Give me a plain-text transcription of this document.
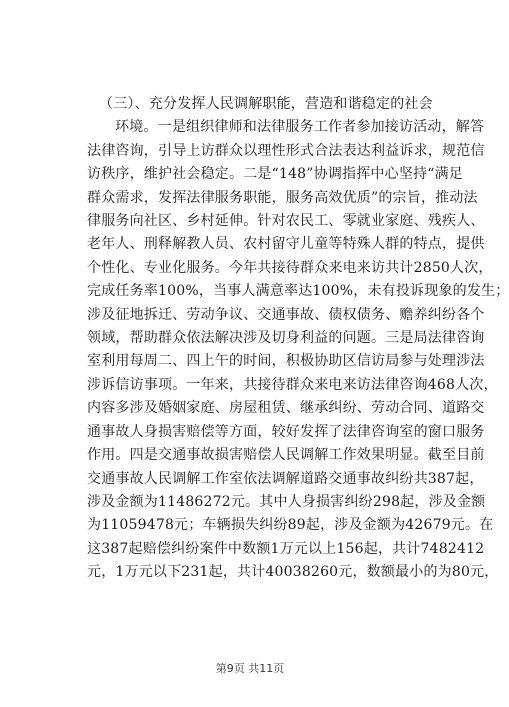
（三）、充分发挥人民调解职能，营造和谐稳定的社会
环境。一是组织律师和法律服务工作者参加接访活动，解答
法律咨询，引导上访群众以理性形式合法表达利益诉求，规范信
访秩序，维护社会稳定。二是“148”协调指挥中心坚持“满足
群众需求，发挥法律服务职能，服务高效优质”的宗旨，推动法
律服务向社区、乡村延伸。针对农民工、零就业家庭、残疾人、
老年人、刑释解教人员、农村留守儿童等特殊人群的特点，提供
个性化、专业化服务。今年共接待群众来电来访共计2850人次，
完成任务率100%，当事人满意率达100%，未有投诉现象的发生；
涉及征地拆迁、劳动争议、交通事故、债权债务、赡养纠纷各个
领域，帮助群众依法解决涉及切身利益的问题。三是局法律咨询
室利用每周二、四上午的时间，积极协助区信访局参与处理涉法
涉诉信访事项。一年来，共接待群众来电来访法律咨询468人次，
内容多涉及婚姻家庭、房屋租赁、继承纠纷、劳动合同、道路交
通事故人身损害赔偿等方面，较好发挥了法律咨询室的窗口服务
作用。四是交通事故损害赔偿人民调解工作效果明显。截至目前
交通事故人民调解工作室依法调解道路交通事故纠纷共387起，
涉及金额为11486272元。其中人身损害纠纷298起，涉及金额
为11059478元；车辆损失纠纷89起，涉及金额为42679元。在
这387起赔偿纠纷案件中数额1万元以上156起，共计7482412
元，1万元以下231起，共计40038260元，数额最小的为80元，
第9页 共11页
